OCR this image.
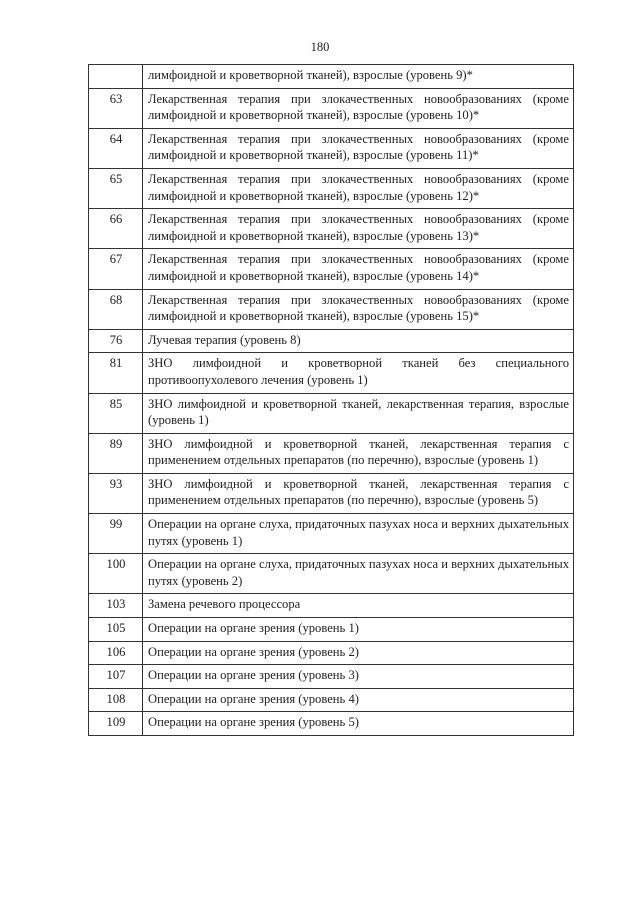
180
	лимфоидной и кроветворной тканей), взрослые (уровень 9)*
63	Лекарственная терапия при злокачественных новообразованиях (кроме лимфоидной и кроветворной тканей), взрослые (уровень 10)*
64	Лекарственная терапия при злокачественных новообразованиях (кроме лимфоидной и кроветворной тканей), взрослые (уровень 11)*
65	Лекарственная терапия при злокачественных новообразованиях (кроме лимфоидной и кроветворной тканей), взрослые (уровень 12)*
66	Лекарственная терапия при злокачественных новообразованиях (кроме лимфоидной и кроветворной тканей), взрослые (уровень 13)*
67	Лекарственная терапия при злокачественных новообразованиях (кроме лимфоидной и кроветворной тканей), взрослые (уровень 14)*
68	Лекарственная терапия при злокачественных новообразованиях (кроме лимфоидной и кроветворной тканей), взрослые (уровень 15)*
76	Лучевая терапия (уровень 8)
81	ЗНО лимфоидной и кроветворной тканей без специального противоопухолевого лечения (уровень 1)
85	ЗНО лимфоидной и кроветворной тканей, лекарственная терапия, взрослые (уровень 1)
89	ЗНО лимфоидной и кроветворной тканей, лекарственная терапия с применением отдельных препаратов (по перечню), взрослые (уровень 1)
93	ЗНО лимфоидной и кроветворной тканей, лекарственная терапия с применением отдельных препаратов (по перечню), взрослые (уровень 5)
99	Операции на органе слуха, придаточных пазухах носа и верхних дыхательных путях (уровень 1)
100	Операции на органе слуха, придаточных пазухах носа и верхних дыхательных путях (уровень 2)
103	Замена речевого процессора
105	Операции на органе зрения (уровень 1)
106	Операции на органе зрения (уровень 2)
107	Операции на органе зрения (уровень 3)
108	Операции на органе зрения (уровень 4)
109	Операции на органе зрения (уровень 5)
